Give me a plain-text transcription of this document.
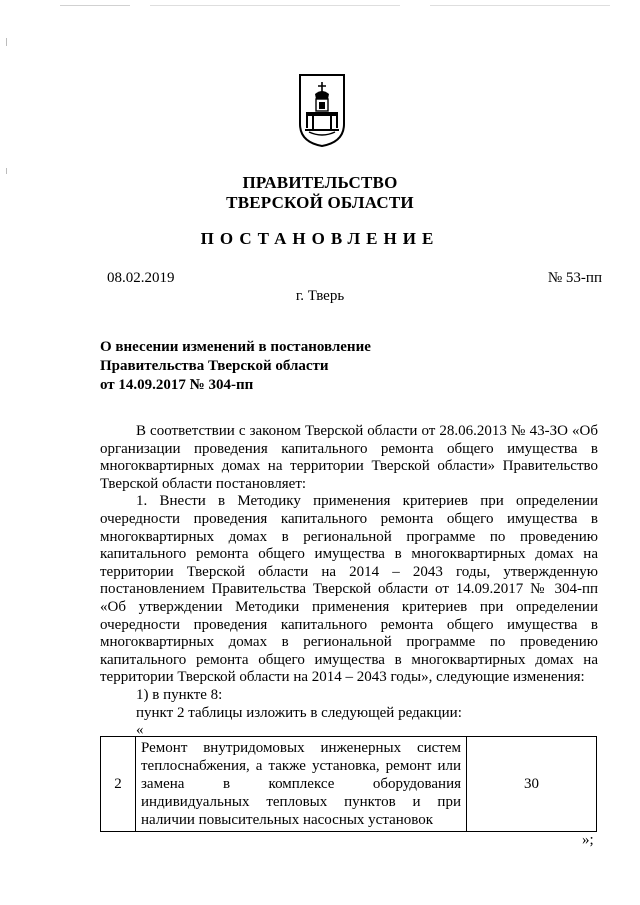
ПРАВИТЕЛЬСТВО
ТВЕРСКОЙ ОБЛАСТИ
ПОСТАНОВЛЕНИЕ
08.02.2019	№ 53-пп
г. Тверь
О внесении изменений в постановление
Правительства Тверской области
от 14.09.2017 № 304-пп

В соответствии с законом Тверской области от 28.06.2013 № 43-ЗО «Об организации проведения капитального ремонта общего имущества в многоквартирных домах на территории Тверской области» Правительство Тверской области постановляет:

1. Внести в Методику применения критериев при определении очередности проведения капитального ремонта общего имущества в многоквартирных домах в региональной программе по проведению капитального ремонта общего имущества в многоквартирных домах на территории Тверской области на 2014 – 2043 годы, утвержденную постановлением Правительства Тверской области от 14.09.2017 № 304-пп «Об утверждении Методики применения критериев при определении очередности проведения капитального ремонта общего имущества в многоквартирных домах в региональной программе по проведению капитального ремонта общего имущества в многоквартирных домах на территории Тверской области на 2014 – 2043 годы», следующие изменения:

1) в пункте 8:

пункт 2 таблицы изложить в следующей редакции:

«

2	Ремонт внутридомовых инженерных систем теплоснабжения, а также установка, ремонт или замена в комплексе оборудования индивидуальных тепловых пунктов и при наличии повысительных насосных установок	30
»;
